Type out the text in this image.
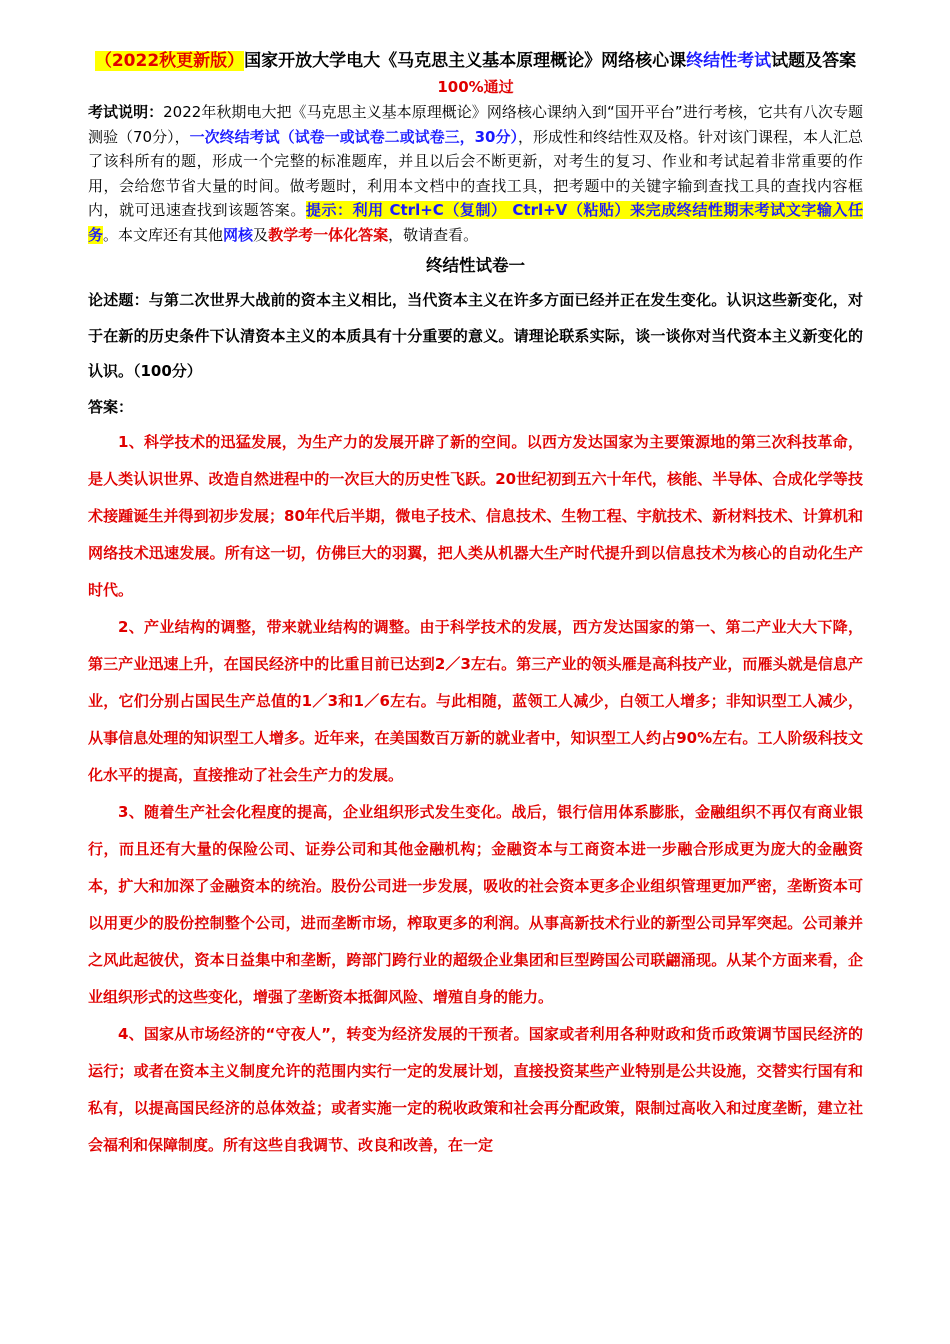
（2022秋更新版）国家开放大学电大《马克思主义基本原理概论》网络核心课终结性考试试题及答案
100%通过
考试说明：2022年秋期电大把《马克思主义基本原理概论》网络核心课纳入到“国开平台”进行考核，它共有八次专题测验（70分），一次终结考试（试卷一或试卷二或试卷三，30分），形成性和终结性双及格。针对该门课程，本人汇总了该科所有的题，形成一个完整的标准题库，并且以后会不断更新，对考生的复习、作业和考试起着非常重要的作用，会给您节省大量的时间。做考题时，利用本文档中的查找工具，把考题中的关键字输到查找工具的查找内容框内，就可迅速查找到该题答案。提示：利用 Ctrl+C（复制） Ctrl+V（粘贴）来完成终结性期末考试文字输入任务。本文库还有其他网核及教学考一体化答案，敬请查看。
终结性试卷一
论述题：与第二次世界大战前的资本主义相比，当代资本主义在许多方面已经并正在发生变化。认识这些新变化，对于在新的历史条件下认清资本主义的本质具有十分重要的意义。请理论联系实际，谈一谈你对当代资本主义新变化的认识。（100分）
答案：

1、科学技术的迅猛发展，为生产力的发展开辟了新的空间。以西方发达国家为主要策源地的第三次科技革命，是人类认识世界、改造自然进程中的一次巨大的历史性飞跃。20世纪初到五六十年代，核能、半导体、合成化学等技术接踵诞生并得到初步发展；80年代后半期，微电子技术、信息技术、生物工程、宇航技术、新材料技术、计算机和网络技术迅速发展。所有这一切，仿佛巨大的羽翼，把人类从机器大生产时代提升到以信息技术为核心的自动化生产时代。

2、产业结构的调整，带来就业结构的调整。由于科学技术的发展，西方发达国家的第一、第二产业大大下降，第三产业迅速上升，在国民经济中的比重目前已达到2／3左右。第三产业的领头雁是高科技产业，而雁头就是信息产业，它们分别占国民生产总值的1／3和1／6左右。与此相随，蓝领工人减少，白领工人增多；非知识型工人减少，从事信息处理的知识型工人增多。近年来，在美国数百万新的就业者中，知识型工人约占90%左右。工人阶级科技文化水平的提高，直接推动了社会生产力的发展。

3、随着生产社会化程度的提高，企业组织形式发生变化。战后，银行信用体系膨胀，金融组织不再仅有商业银行，而且还有大量的保险公司、证券公司和其他金融机构；金融资本与工商资本进一步融合形成更为庞大的金融资本，扩大和加深了金融资本的统治。股份公司进一步发展，吸收的社会资本更多企业组织管理更加严密，垄断资本可以用更少的股份控制整个公司，进而垄断市场，榨取更多的利润。从事高新技术行业的新型公司异军突起。公司兼并之风此起彼伏，资本日益集中和垄断，跨部门跨行业的超级企业集团和巨型跨国公司联翩涌现。从某个方面来看，企业组织形式的这些变化，增强了垄断资本抵御风险、增殖自身的能力。

4、国家从市场经济的“守夜人”，转变为经济发展的干预者。国家或者利用各种财政和货币政策调节国民经济的运行；或者在资本主义制度允许的范围内实行一定的发展计划，直接投资某些产业特别是公共设施，交替实行国有和私有，以提高国民经济的总体效益；或者实施一定的税收政策和社会再分配政策，限制过高收入和过度垄断，建立社会福利和保障制度。所有这些自我调节、改良和改善，在一定
